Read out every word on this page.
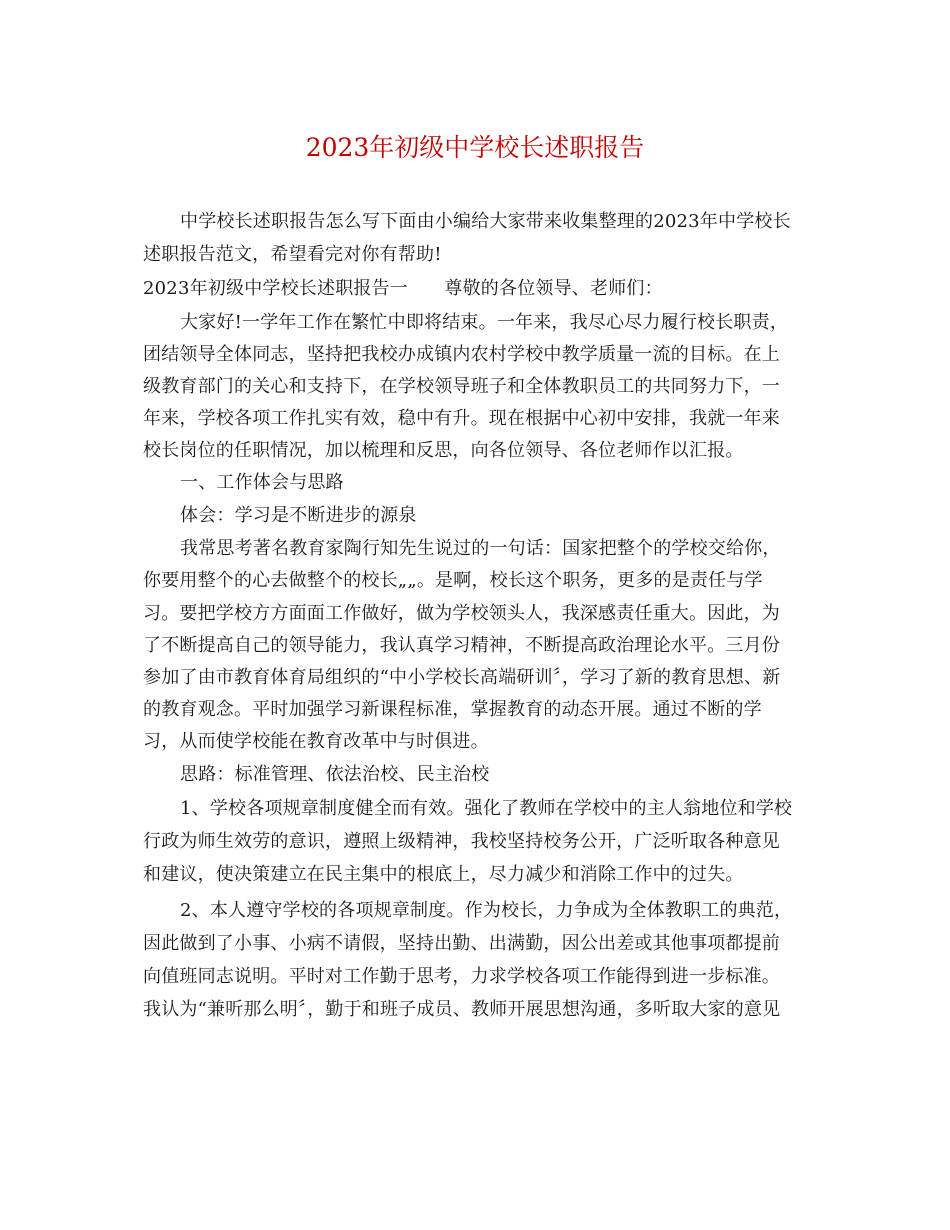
2023年初级中学校长述职报告
中学校长述职报告怎么写下面由小编给大家带来收集整理的2023年中学校长
述职报告范文，希望看完对你有帮助!
2023年初级中学校长述职报告一　　尊敬的各位领导、老师们：
大家好!一学年工作在繁忙中即将结束。一年来，我尽心尽力履行校长职责，
团结领导全体同志，坚持把我校办成镇内农村学校中教学质量一流的目标。在上
级教育部门的关心和支持下，在学校领导班子和全体教职员工的共同努力下，一
年来，学校各项工作扎实有效，稳中有升。现在根据中心初中安排，我就一年来
校长岗位的任职情况，加以梳理和反思，向各位领导、各位老师作以汇报。
一、工作体会与思路
体会：学习是不断进步的源泉
我常思考著名教育家陶行知先生说过的一句话：国家把整个的学校交给你，
你要用整个的心去做整个的校长„„。是啊，校长这个职务，更多的是责任与学
习。要把学校方方面面工作做好，做为学校领头人，我深感责任重大。因此，为
了不断提高自己的领导能力，我认真学习精神，不断提高政治理论水平。三月份
参加了由市教育体育局组织的“中小学校长高端研训〞，学习了新的教育思想、新
的教育观念。平时加强学习新课程标准，掌握教育的动态开展。通过不断的学
习，从而使学校能在教育改革中与时俱进。
思路：标准管理、依法治校、民主治校
1、学校各项规章制度健全而有效。强化了教师在学校中的主人翁地位和学校
行政为师生效劳的意识，遵照上级精神，我校坚持校务公开，广泛听取各种意见
和建议，使决策建立在民主集中的根底上，尽力减少和消除工作中的过失。
2、本人遵守学校的各项规章制度。作为校长，力争成为全体教职工的典范，
因此做到了小事、小病不请假，坚持出勤、出满勤，因公出差或其他事项都提前
向值班同志说明。平时对工作勤于思考，力求学校各项工作能得到进一步标准。
我认为“兼听那么明〞，勤于和班子成员、教师开展思想沟通，多听取大家的意见
